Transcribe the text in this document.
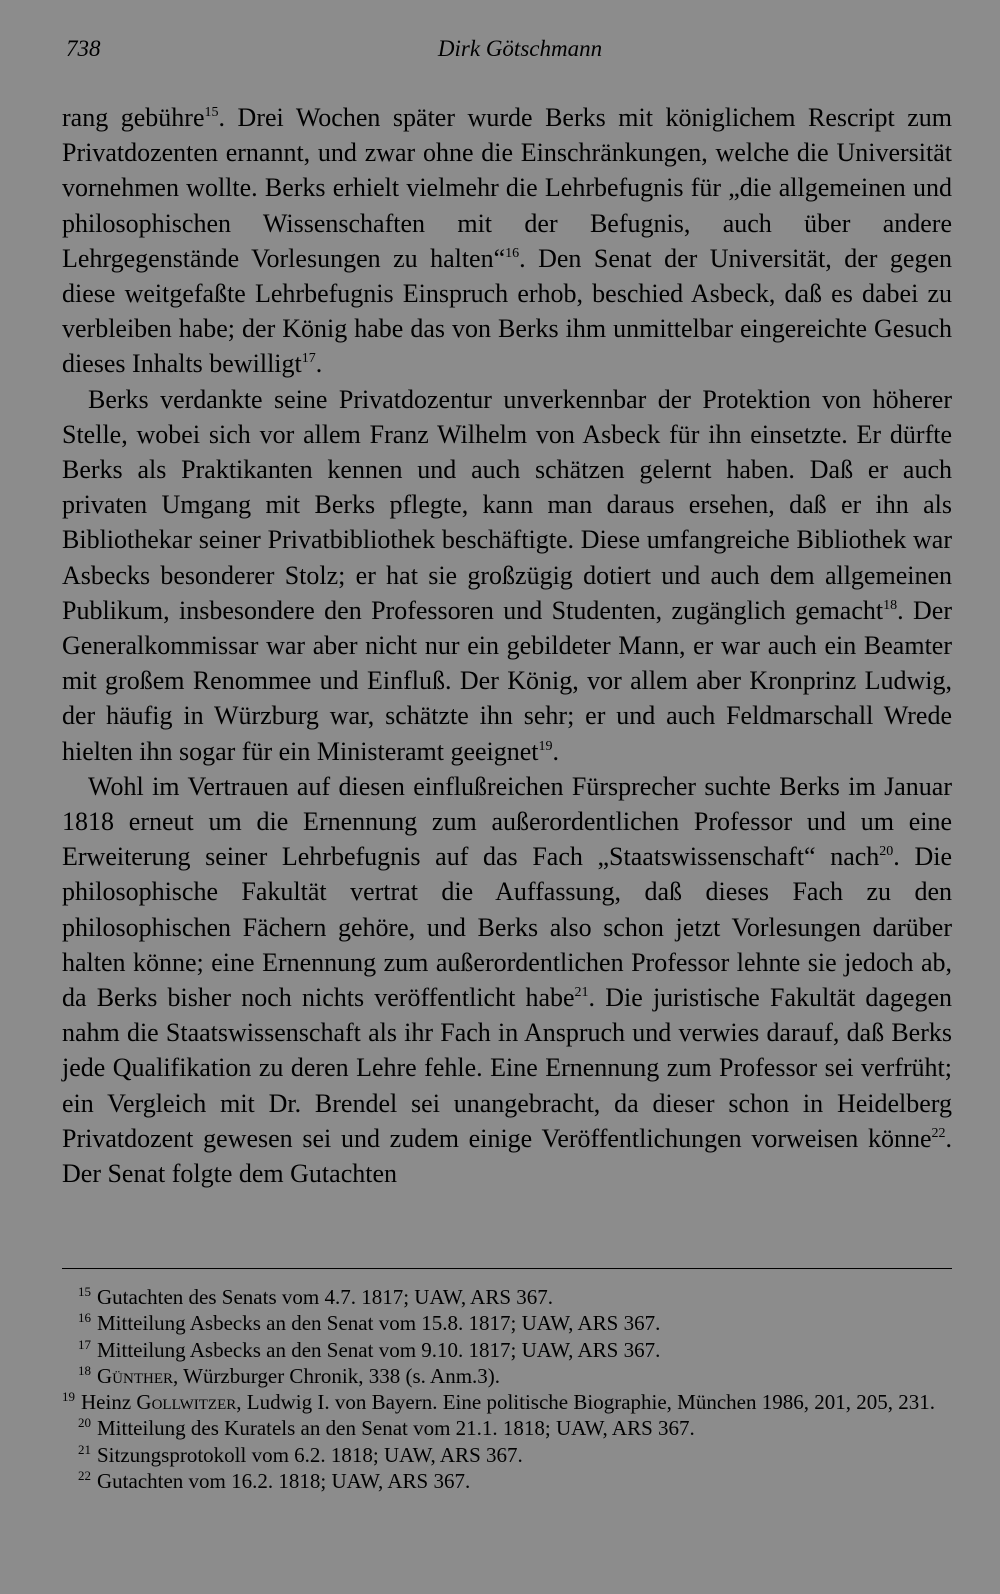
738	Dirk Götschmann

rang gebühre$^{15}$. Drei Wochen später wurde Berks mit königlichem Rescript zum Privatdozenten ernannt, und zwar ohne die Einschränkungen, welche die Universität vornehmen wollte. Berks erhielt vielmehr die Lehrbefugnis für „die allgemeinen und philosophischen Wissenschaften mit der Befugnis, auch über andere Lehrgegenstände Vorlesungen zu halten“$^{16}$. Den Senat der Universität, der gegen diese weitgefaßte Lehrbefugnis Einspruch erhob, beschied Asbeck, daß es dabei zu verbleiben habe; der König habe das von Berks ihm unmittelbar eingereichte Gesuch dieses Inhalts bewilligt$^{17}$.

Berks verdankte seine Privatdozentur unverkennbar der Protektion von höherer Stelle, wobei sich vor allem Franz Wilhelm von Asbeck für ihn einsetzte. Er dürfte Berks als Praktikanten kennen und auch schätzen gelernt haben. Daß er auch privaten Umgang mit Berks pflegte, kann man daraus ersehen, daß er ihn als Bibliothekar seiner Privatbibliothek beschäftigte. Diese umfangreiche Bibliothek war Asbecks besonderer Stolz; er hat sie großzügig dotiert und auch dem allgemeinen Publikum, insbesondere den Professoren und Studenten, zugänglich gemacht$^{18}$. Der Generalkommissar war aber nicht nur ein gebildeter Mann, er war auch ein Beamter mit großem Renommee und Einfluß. Der König, vor allem aber Kronprinz Ludwig, der häufig in Würzburg war, schätzte ihn sehr; er und auch Feldmarschall Wrede hielten ihn sogar für ein Ministeramt geeignet$^{19}$.

Wohl im Vertrauen auf diesen einflußreichen Fürsprecher suchte Berks im Januar 1818 erneut um die Ernennung zum außerordentlichen Professor und um eine Erweiterung seiner Lehrbefugnis auf das Fach „Staatswissenschaft“ nach$^{20}$. Die philosophische Fakultät vertrat die Auffassung, daß dieses Fach zu den philosophischen Fächern gehöre, und Berks also schon jetzt Vorlesungen darüber halten könne; eine Ernennung zum außerordentlichen Professor lehnte sie jedoch ab, da Berks bisher noch nichts veröffentlicht habe$^{21}$. Die juristische Fakultät dagegen nahm die Staatswissenschaft als ihr Fach in Anspruch und verwies darauf, daß Berks jede Qualifikation zu deren Lehre fehle. Eine Ernennung zum Professor sei verfrüht; ein Vergleich mit Dr. Brendel sei unangebracht, da dieser schon in Heidelberg Privatdozent gewesen sei und zudem einige Veröffentlichungen vorweisen könne$^{22}$. Der Senat folgte dem Gutachten

$^{15}$ Gutachten des Senats vom 4.7. 1817; UAW, ARS 367.

$^{16}$ Mitteilung Asbecks an den Senat vom 15.8. 1817; UAW, ARS 367.

$^{17}$ Mitteilung Asbecks an den Senat vom 9.10. 1817; UAW, ARS 367.

$^{18}$ Günther, Würzburger Chronik, 338 (s. Anm.3).

$^{19}$ Heinz Gollwitzer, Ludwig I. von Bayern. Eine politische Biographie, München 1986, 201, 205, 231.

$^{20}$ Mitteilung des Kuratels an den Senat vom 21.1. 1818; UAW, ARS 367.

$^{21}$ Sitzungsprotokoll vom 6.2. 1818; UAW, ARS 367.

$^{22}$ Gutachten vom 16.2. 1818; UAW, ARS 367.
